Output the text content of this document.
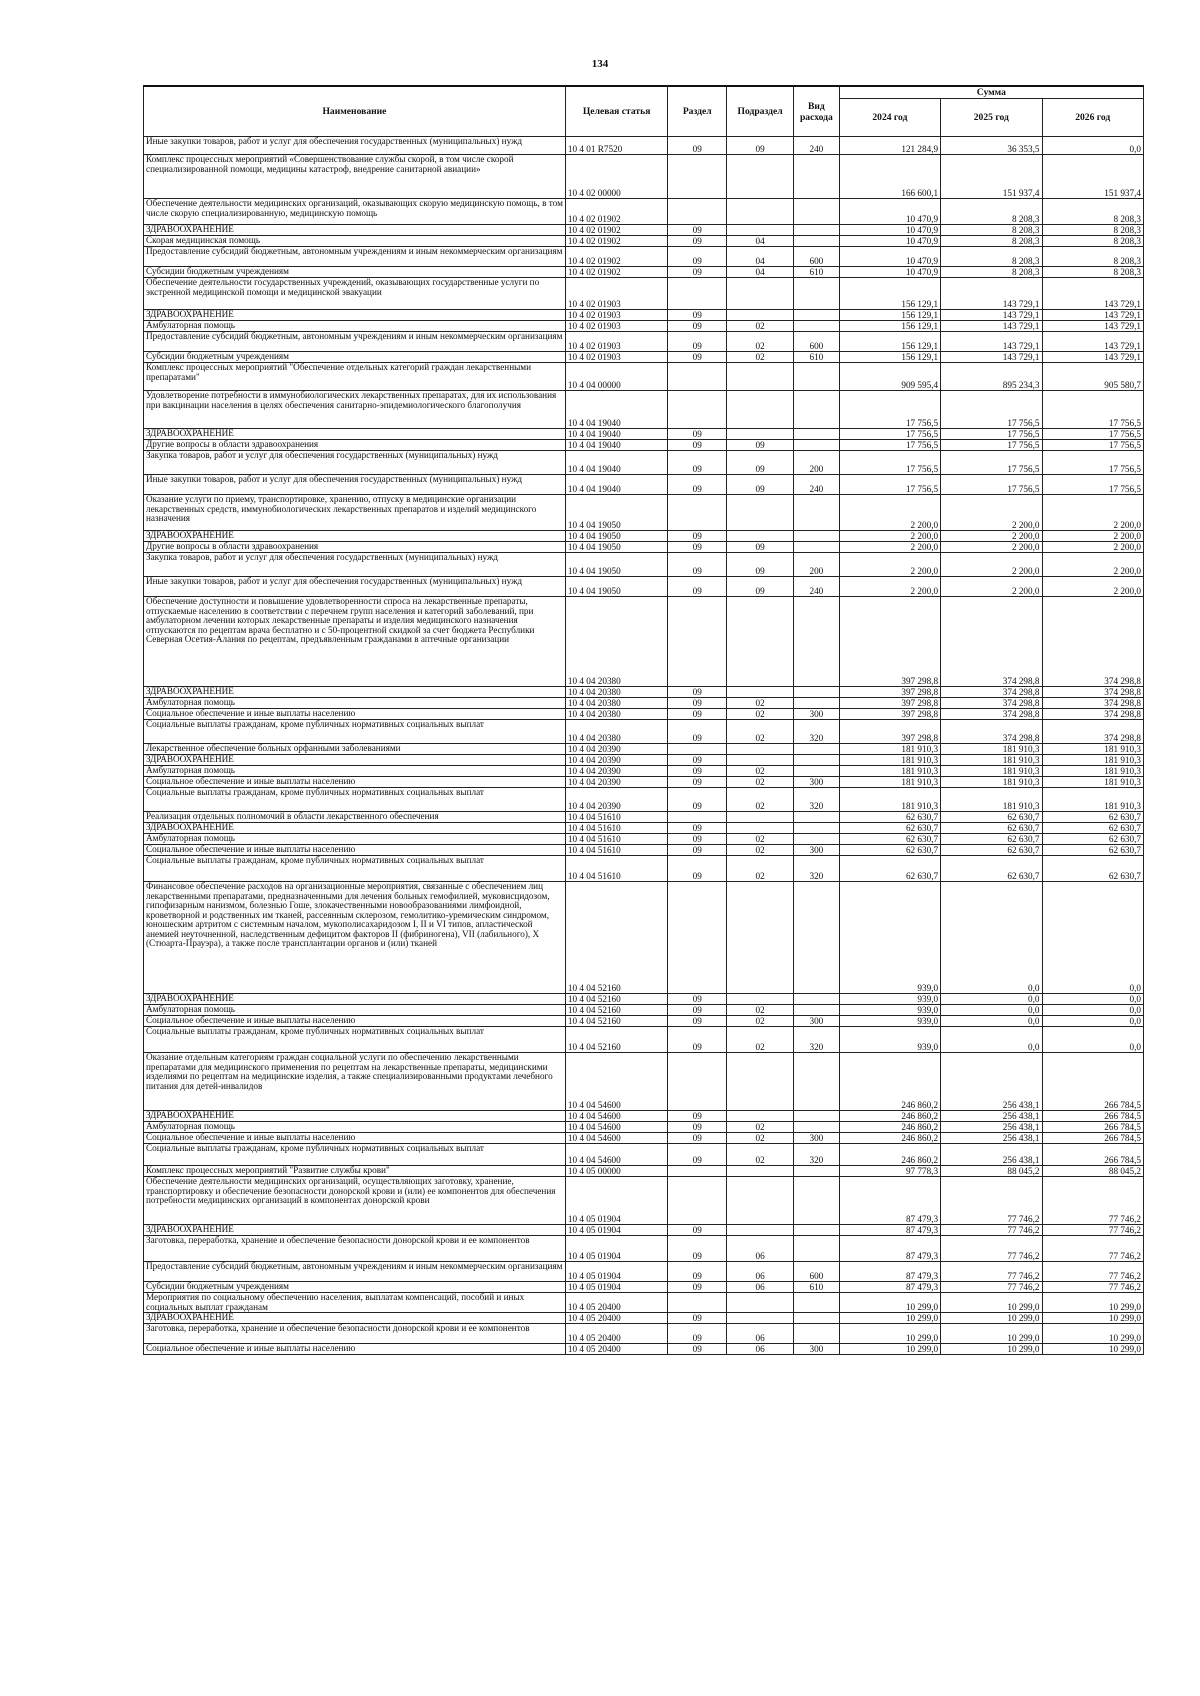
134
Наименование	Целевая статья	Раздел	Подраздел	Вид расхода	Сумма		
					2024 год	2025 год	2026 год
Иные закупки товаров, работ и услуг для обеспечения государственных (муниципальных) нужд	10 4 01 R7520	09	09	240	121 284,9	36 353,5	0,0
Комплекс процессных мероприятий «Совершенствование службы скорой, в том числе скорой специализированной помощи, медицины катастроф, внедрение санитарной авиации»	10 4 02 00000				166 600,1	151 937,4	151 937,4
Обеспечение деятельности медицинских организаций, оказывающих скорую медицинскую помощь, в том числе скорую специализированную, медицинскую помощь	10 4 02 01902				10 470,9	8 208,3	8 208,3
ЗДРАВООХРАНЕНИЕ	10 4 02 01902	09			10 470,9	8 208,3	8 208,3
Скорая медицинская помощь	10 4 02 01902	09	04		10 470,9	8 208,3	8 208,3
Предоставление субсидий бюджетным, автономным учреждениям и иным некоммерческим организациям	10 4 02 01902	09	04	600	10 470,9	8 208,3	8 208,3
Субсидии бюджетным учреждениям	10 4 02 01902	09	04	610	10 470,9	8 208,3	8 208,3
Обеспечение деятельности государственных учреждений, оказывающих государственные услуги по экстренной медицинской помощи и медицинской эвакуации	10 4 02 01903				156 129,1	143 729,1	143 729,1
ЗДРАВООХРАНЕНИЕ	10 4 02 01903	09			156 129,1	143 729,1	143 729,1
Амбулаторная помощь	10 4 02 01903	09	02		156 129,1	143 729,1	143 729,1
Предоставление субсидий бюджетным, автономным учреждениям и иным некоммерческим организациям	10 4 02 01903	09	02	600	156 129,1	143 729,1	143 729,1
Субсидии бюджетным учреждениям	10 4 02 01903	09	02	610	156 129,1	143 729,1	143 729,1
Комплекс процессных мероприятий "Обеспечение отдельных категорий граждан лекарственными препаратами"	10 4 04 00000				909 595,4	895 234,3	905 580,7
Удовлетворение потребности в иммунобиологических лекарственных препаратах, для их использования при вакцинации населения в целях обеспечения санитарно-эпидемиологического благополучия	10 4 04 19040				17 756,5	17 756,5	17 756,5
ЗДРАВООХРАНЕНИЕ	10 4 04 19040	09			17 756,5	17 756,5	17 756,5
Другие вопросы в области здравоохранения	10 4 04 19040	09	09		17 756,5	17 756,5	17 756,5
Закупка товаров, работ и услуг для обеспечения государственных (муниципальных) нужд	10 4 04 19040	09	09	200	17 756,5	17 756,5	17 756,5
Иные закупки товаров, работ и услуг для обеспечения государственных (муниципальных) нужд	10 4 04 19040	09	09	240	17 756,5	17 756,5	17 756,5
Оказание услуги по приему, транспортировке, хранению, отпуску в медицинские организации лекарственных средств, иммунобиологических лекарственных препаратов и изделий медицинского назначения	10 4 04 19050				2 200,0	2 200,0	2 200,0
ЗДРАВООХРАНЕНИЕ	10 4 04 19050	09			2 200,0	2 200,0	2 200,0
Другие вопросы в области здравоохранения	10 4 04 19050	09	09		2 200,0	2 200,0	2 200,0
Закупка товаров, работ и услуг для обеспечения государственных (муниципальных) нужд	10 4 04 19050	09	09	200	2 200,0	2 200,0	2 200,0
Иные закупки товаров, работ и услуг для обеспечения государственных (муниципальных) нужд	10 4 04 19050	09	09	240	2 200,0	2 200,0	2 200,0
Обеспечение доступности и повышение удовлетворенности спроса на лекарственные препараты, отпускаемые населению в соответствии с перечнем групп населения и категорий заболеваний, при амбулаторном лечении которых лекарственные препараты и изделия медицинского назначения отпускаются по рецептам врача бесплатно и с 50-процентной скидкой за счет бюджета Республики Северная Осетия-Алания по рецептам, предъявленным гражданами в аптечные организации	10 4 04 20380				397 298,8	374 298,8	374 298,8
ЗДРАВООХРАНЕНИЕ	10 4 04 20380	09			397 298,8	374 298,8	374 298,8
Амбулаторная помощь	10 4 04 20380	09	02		397 298,8	374 298,8	374 298,8
Социальное обеспечение и иные выплаты населению	10 4 04 20380	09	02	300	397 298,8	374 298,8	374 298,8
Социальные выплаты гражданам, кроме публичных нормативных социальных выплат	10 4 04 20380	09	02	320	397 298,8	374 298,8	374 298,8
Лекарственное обеспечение больных орфанными заболеваниями	10 4 04 20390				181 910,3	181 910,3	181 910,3
ЗДРАВООХРАНЕНИЕ	10 4 04 20390	09			181 910,3	181 910,3	181 910,3
Амбулаторная помощь	10 4 04 20390	09	02		181 910,3	181 910,3	181 910,3
Социальное обеспечение и иные выплаты населению	10 4 04 20390	09	02	300	181 910,3	181 910,3	181 910,3
Социальные выплаты гражданам, кроме публичных нормативных социальных выплат	10 4 04 20390	09	02	320	181 910,3	181 910,3	181 910,3
Реализация отдельных полномочий в области лекарственного обеспечения	10 4 04 51610				62 630,7	62 630,7	62 630,7
ЗДРАВООХРАНЕНИЕ	10 4 04 51610	09			62 630,7	62 630,7	62 630,7
Амбулаторная помощь	10 4 04 51610	09	02		62 630,7	62 630,7	62 630,7
Социальное обеспечение и иные выплаты населению	10 4 04 51610	09	02	300	62 630,7	62 630,7	62 630,7
Социальные выплаты гражданам, кроме публичных нормативных социальных выплат	10 4 04 51610	09	02	320	62 630,7	62 630,7	62 630,7
Финансовое обеспечение расходов на организационные мероприятия, связанные с обеспечением лиц лекарственными препаратами, предназначенными для лечения больных гемофилией, муковисцидозом, гипофизарным нанизмом, болезнью Гоше, злокачественными новообразованиями лимфоидной, кроветворной и родственных им тканей, рассеянным склерозом, гемолитико-уремическим синдромом, юношеским артритом с системным началом, мукополисахаридозом I, II и VI типов, апластической анемией неуточненной, наследственным дефицитом факторов II (фибриногена), VII (лабильного), X (Стюарта-Прауэра), а также после трансплантации органов и (или) тканей	10 4 04 52160				939,0	0,0	0,0
ЗДРАВООХРАНЕНИЕ	10 4 04 52160	09			939,0	0,0	0,0
Амбулаторная помощь	10 4 04 52160	09	02		939,0	0,0	0,0
Социальное обеспечение и иные выплаты населению	10 4 04 52160	09	02	300	939,0	0,0	0,0
Социальные выплаты гражданам, кроме публичных нормативных социальных выплат	10 4 04 52160	09	02	320	939,0	0,0	0,0
Оказание отдельным категориям граждан социальной услуги по обеспечению лекарственными препаратами для медицинского применения по рецептам на лекарственные препараты, медицинскими изделиями по рецептам на медицинские изделия, а также специализированными продуктами лечебного питания для детей-инвалидов	10 4 04 54600				246 860,2	256 438,1	266 784,5
ЗДРАВООХРАНЕНИЕ	10 4 04 54600	09			246 860,2	256 438,1	266 784,5
Амбулаторная помощь	10 4 04 54600	09	02		246 860,2	256 438,1	266 784,5
Социальное обеспечение и иные выплаты населению	10 4 04 54600	09	02	300	246 860,2	256 438,1	266 784,5
Социальные выплаты гражданам, кроме публичных нормативных социальных выплат	10 4 04 54600	09	02	320	246 860,2	256 438,1	266 784,5
Комплекс процессных мероприятий "Развитие службы крови"	10 4 05 00000				97 778,3	88 045,2	88 045,2
Обеспечение деятельности медицинских организаций, осуществляющих заготовку, хранение, транспортировку и обеспечение безопасности донорской крови и (или) ее компонентов для обеспечения потребности медицинских организаций в компонентах донорской крови	10 4 05 01904				87 479,3	77 746,2	77 746,2
ЗДРАВООХРАНЕНИЕ	10 4 05 01904	09			87 479,3	77 746,2	77 746,2
Заготовка, переработка, хранение и обеспечение безопасности донорской крови и ее компонентов	10 4 05 01904	09	06		87 479,3	77 746,2	77 746,2
Предоставление субсидий бюджетным, автономным учреждениям и иным некоммерческим организациям	10 4 05 01904	09	06	600	87 479,3	77 746,2	77 746,2
Субсидии бюджетным учреждениям	10 4 05 01904	09	06	610	87 479,3	77 746,2	77 746,2
Мероприятия по социальному обеспечению населения, выплатам компенсаций, пособий и иных социальных выплат гражданам	10 4 05 20400				10 299,0	10 299,0	10 299,0
ЗДРАВООХРАНЕНИЕ	10 4 05 20400	09			10 299,0	10 299,0	10 299,0
Заготовка, переработка, хранение и обеспечение безопасности донорской крови и ее компонентов	10 4 05 20400	09	06		10 299,0	10 299,0	10 299,0
Социальное обеспечение и иные выплаты населению	10 4 05 20400	09	06	300	10 299,0	10 299,0	10 299,0
